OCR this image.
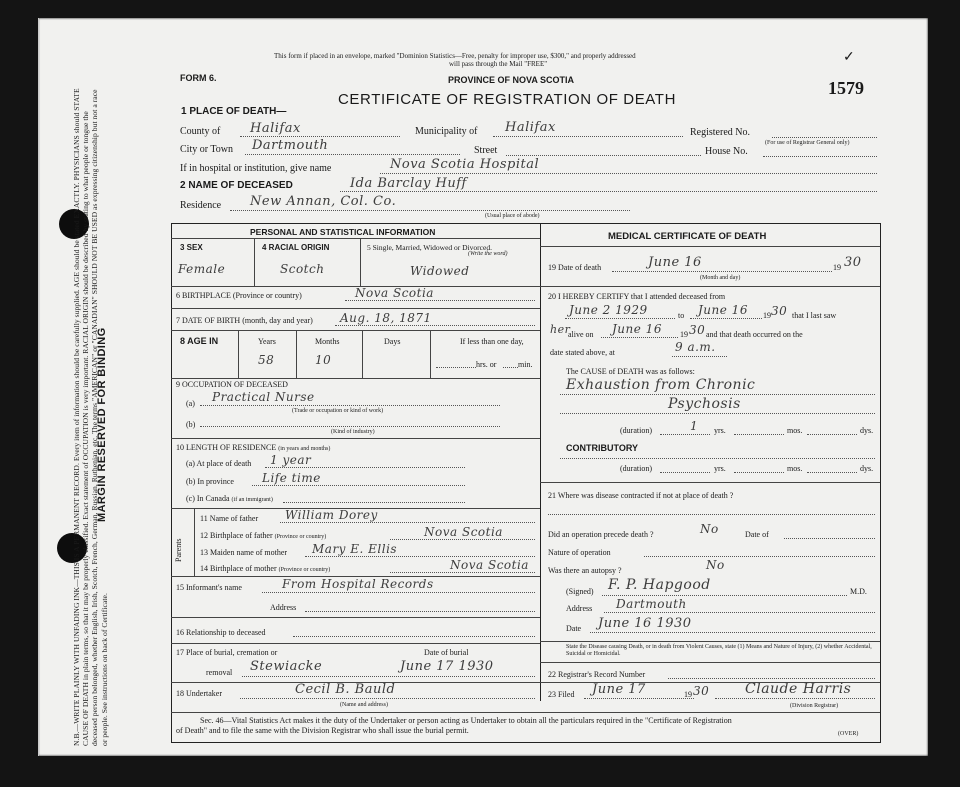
N.B.—WRITE PLAINLY WITH UNFADING INK—THIS IS A PERMANENT RECORD. Every item of information should be carefully supplied. AGE should be stated EXACTLY. PHYSICIANS should STATE CAUSE OF DEATH in plain terms, so that it may be properly classified. Exact statement of OCCUPATION is very important. RACIAL ORIGIN should be described by stating to what people or tongue the deceased person belonged, whether English, Irish, Scotch, French, German, Russian, Ruthenian, etc. The terms "AMERICAN" or "CANADIAN" SHOULD NOT BE USED as expressing citizenship but not a race or people. See instructions on back of Certificate.
MARGIN RESERVED FOR BINDING
This form if placed in an envelope, marked "Dominion Statistics—Free, penalty for improper use, $300," and properly addressed
will pass through the Mail "FREE"
FORM 6.	PROVINCE OF NOVA SCOTIA
CERTIFICATE OF REGISTRATION OF DEATH
1579
✓
1 PLACE OF DEATH—
County of Halifax	Municipality of Halifax	Registered No.
(For use of Registrar General only)
City or Town Dartmouth	Street	House No.
If in hospital or institution, give name	Nova Scotia Hospital
2 NAME OF DECEASED	Ida Barclay Huff
Residence New Annan, Col. Co.
(Usual place of abode)
PERSONAL AND STATISTICAL INFORMATION
3 SEX	4 RACIAL ORIGIN	5 Single, Married, Widowed or Divorced.
(Write the word)
Female	Scotch	Widowed
6 BIRTHPLACE (Province or country)	Nova Scotia
7 DATE OF BIRTH (month, day and year) Aug. 18, 1871
8 AGE IN	Years
58
Months
10
Days	If less than one day,
hrs. or	min.
9 OCCUPATION OF DECEASED
(a) Practical Nurse
(Trade or occupation or kind of work)
(b)
(Kind of industry)
10 LENGTH OF RESIDENCE (in years and months)
(a) At place of death 1 year
(b) In province Life time
(c) In Canada (if an immigrant)
Parents
11 Name of father William Dorey
12 Birthplace of father (Province or country)	Nova Scotia
13 Maiden name of mother Mary E. Ellis
14 Birthplace of mother (Province or country)	Nova Scotia
15 Informant's name	From Hospital Records
Address
16 Relationship to deceased
17 Place of burial, cremation or	Date of burial
removal Stewiacke	June 17 1930
18 Undertaker	Cecil B. Bauld
(Name and address)
MEDICAL CERTIFICATE OF DEATH
19 Date of death	June 16
(Month and day)
19 30
20 I HEREBY CERTIFY that I attended deceased from
June 2 1929	to June 16 19 30 that I last saw
her
alive on June 16 19 30 and that death occurred on the
date stated above, at	9 a.m.
The CAUSE of DEATH was as follows:
Exhaustion from Chronic
Psychosis
(duration)	1 yrs.	mos.	dys.
CONTRIBUTORY
(duration)	yrs.	mos.	dys.
21 Where was disease contracted if not at place of death ?
Did an operation precede death ?	No	Date of
Nature of operation
Was there an autopsy ?	No
(Signed) F. P. Hapgood	M.D.
Address Dartmouth
Date June 16 1930
State the Disease causing Death, or in death from Violent Causes, state (1) Means and Nature of Injury, (2) whether Accidental, Suicidal or Homicidal.
22 Registrar's Record Number
23 Filed June 17	19 30	Claude Harris
(Division Registrar)
Sec. 46—Vital Statistics Act makes it the duty of the Undertaker or person acting as Undertaker to obtain all the particulars required in the "Certificate of Registration
of Death" and to file the same with the Division Registrar who shall issue the burial permit.	(OVER)
